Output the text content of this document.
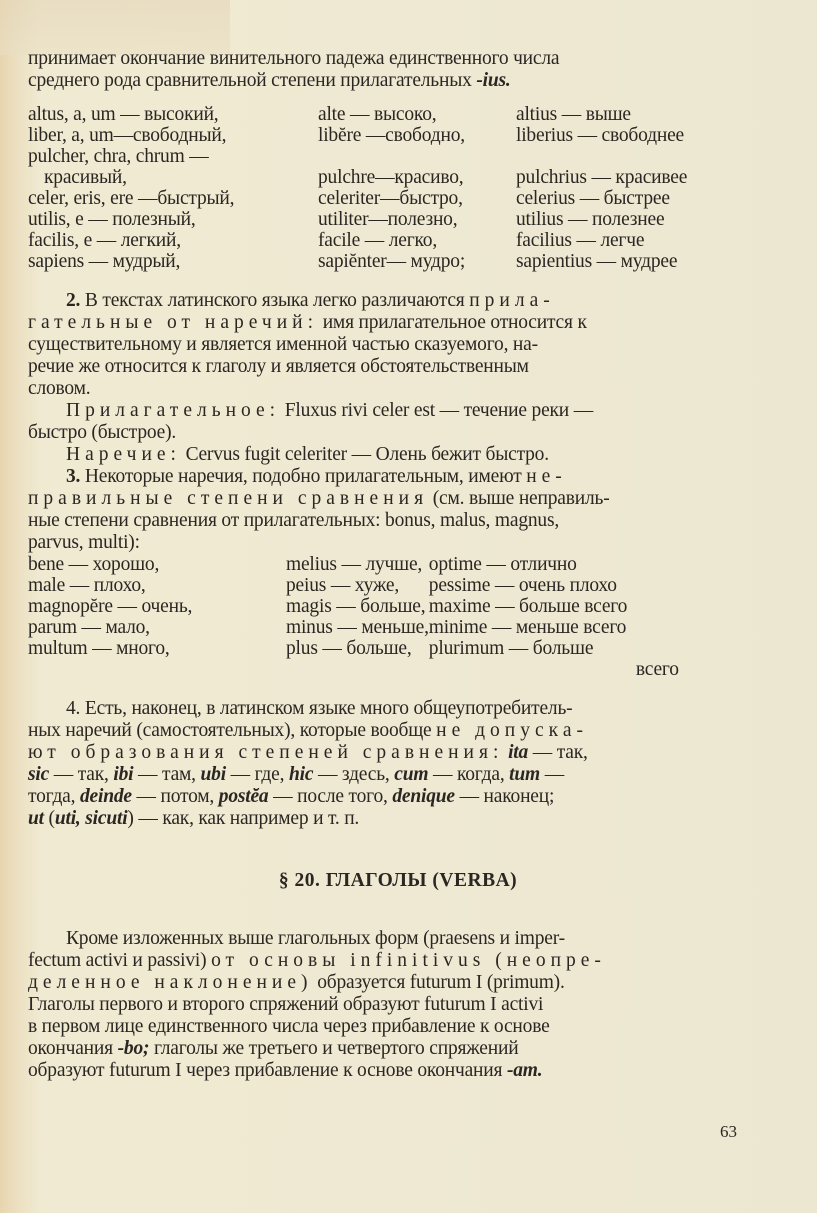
принимает окончание винительного падежа единственного числа
среднего рода сравнительной степени прилагательных -ius.
altus, a, um — высокий,	alte — высоко,	altius — выше
liber, a, um—свободный,	libĕre —свободно,	liberius — свободнее
pulcher, chra, chrum —		
красивый,	pulchre—красиво,	pulchrius — красивее
celer, eris, ere —быстрый,	celeriter—быстро,	celerius — быстрее
utilis, e — полезный,	utiliter—полезно,	utilius — полезнее
facilis, e — легкий,	facile — легко,	facilius — легче
sapiens — мудрый,	sapiĕnter— мудро;	sapientius — мудрее
2. В текстах латинского языка легко различаются прила-
гательные от наречий: имя прилагательное относится к
существительному и является именной частью сказуемого, на-
речие же относится к глаголу и является обстоятельственным
словом.
Прилагательное: Fluxus rivi celer est — течение реки —
быстро (быстрое).
Наречие: Cervus fugit celeriter — Олень бежит быстро.
3. Некоторые наречия, подобно прилагательным, имеют не-
правильные степени сравнения (см. выше неправиль-
ные степени сравнения от прилагательных: bonus, malus, magnus,
parvus, multi):
bene — хорошо,	melius — лучше,	optime — отлично
male — плохо,	peius — хуже,	pessime — очень плохо
magnopĕre — очень,	magis — больше,	maxime — больше всего
parum — мало,	minus — меньше,	minime — меньше всего
multum — много,	plus — больше,	plurimum — больше
		всего
4. Есть, наконец, в латинском языке много общеупотребитель-
ных наречий (самостоятельных), которые вообще не допуска-
ют образования степеней сравнения: ita — так,
sic — так, ibi — там, ubi — где, hic — здесь, cum — когда, tum —
тогда, deinde — потом, postĕa — после того, denique — наконец;
ut (uti, sicuti) — как, как например и т. п.
§ 20. ГЛАГОЛЫ (VERBA)
Кроме изложенных выше глагольных форм (praesens и imper-
fectum activi и passivi) от основы infinitivus (неопре-
деленное наклонение) образуется futurum I (primum).
Глаголы первого и второго спряжений образуют futurum I activi
в первом лице единственного числа через прибавление к основе
окончания -bo; глаголы же третьего и четвертого спряжений
образуют futurum I через прибавление к основе окончания -am.
63
